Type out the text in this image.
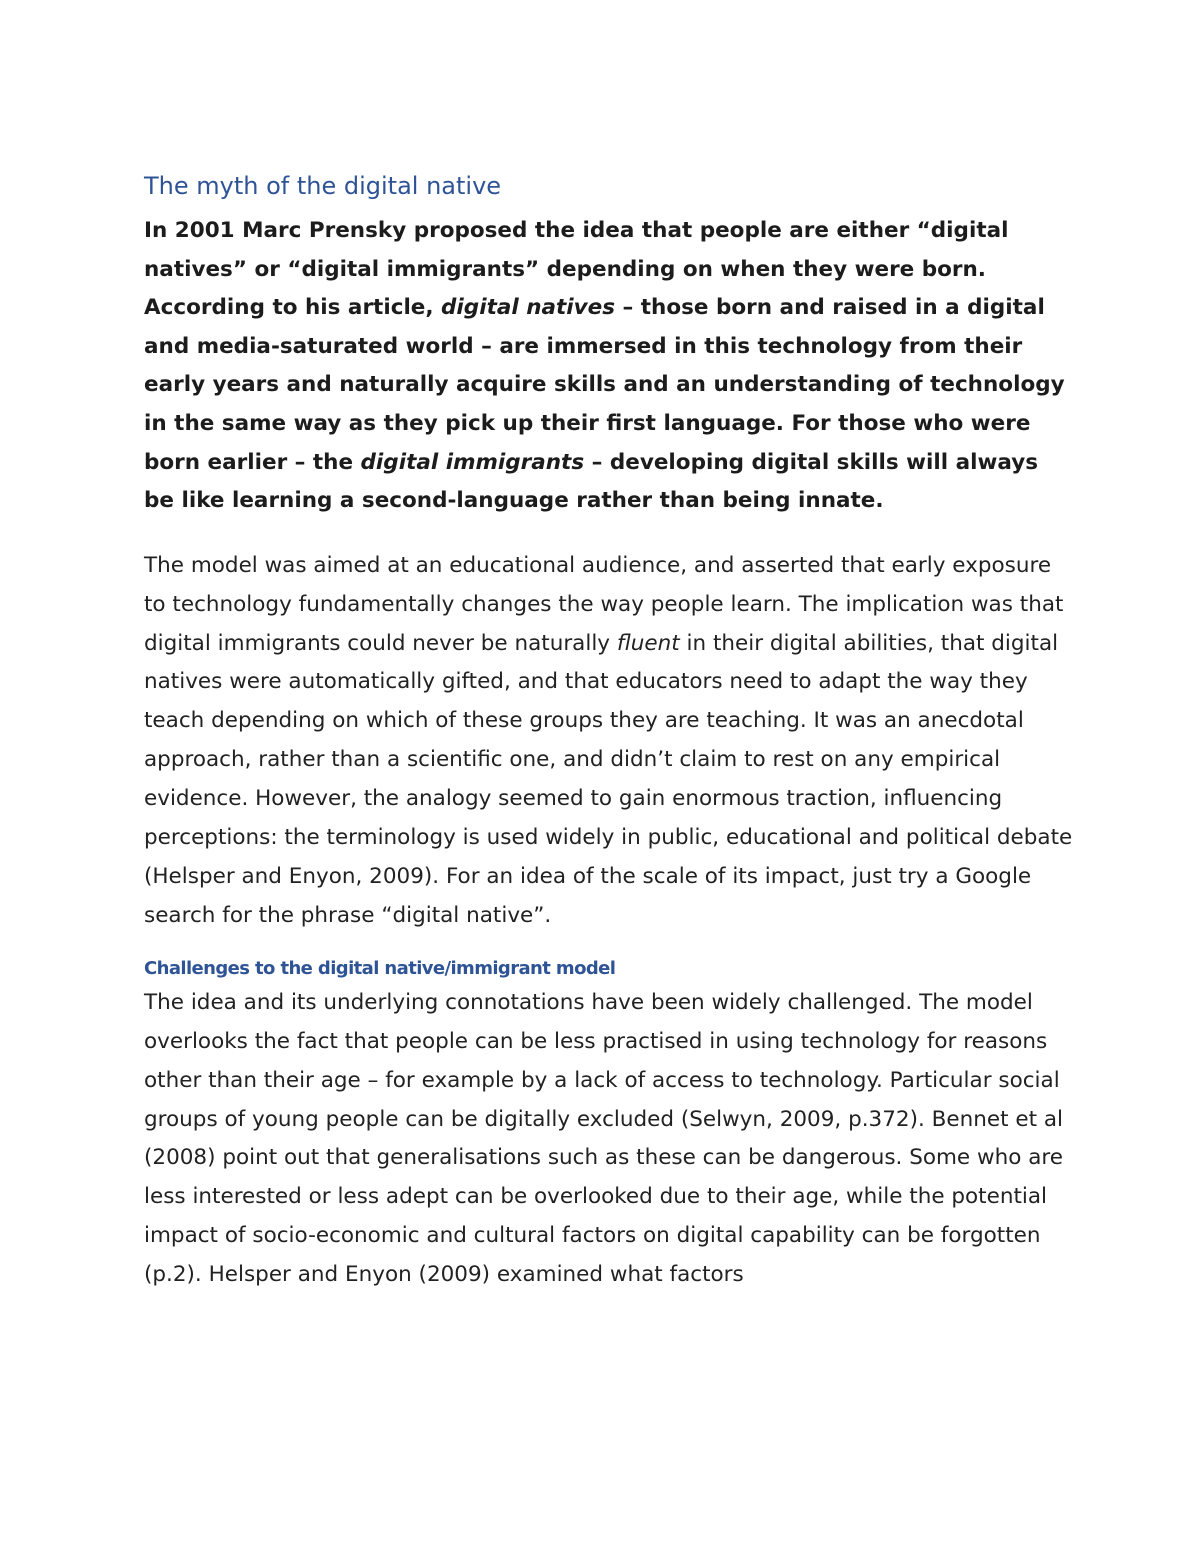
The myth of the digital native

In 2001 Marc Prensky proposed the idea that people are either “digital natives” or “digital immigrants” depending on when they were born. According to his article, digital natives – those born and raised in a digital and media-saturated world – are immersed in this technology from their early years and naturally acquire skills and an understanding of technology in the same way as they pick up their first language. For those who were born earlier – the digital immigrants – developing digital skills will always be like learning a second-language rather than being innate.

The model was aimed at an educational audience, and asserted that early exposure to technology fundamentally changes the way people learn. The implication was that digital immigrants could never be naturally fluent in their digital abilities, that digital natives were automatically gifted, and that educators need to adapt the way they teach depending on which of these groups they are teaching. It was an anecdotal approach, rather than a scientific one, and didn’t claim to rest on any empirical evidence. However, the analogy seemed to gain enormous traction, influencing perceptions: the terminology is used widely in public, educational and political debate (Helsper and Enyon, 2009). For an idea of the scale of its impact, just try a Google search for the phrase “digital native”.

Challenges to the digital native/immigrant model

The idea and its underlying connotations have been widely challenged. The model overlooks the fact that people can be less practised in using technology for reasons other than their age – for example by a lack of access to technology. Particular social groups of young people can be digitally excluded (Selwyn, 2009, p.372). Bennet et al (2008) point out that generalisations such as these can be dangerous. Some who are less interested or less adept can be overlooked due to their age, while the potential impact of socio-economic and cultural factors on digital capability can be forgotten (p.2). Helsper and Enyon (2009) examined what factors
